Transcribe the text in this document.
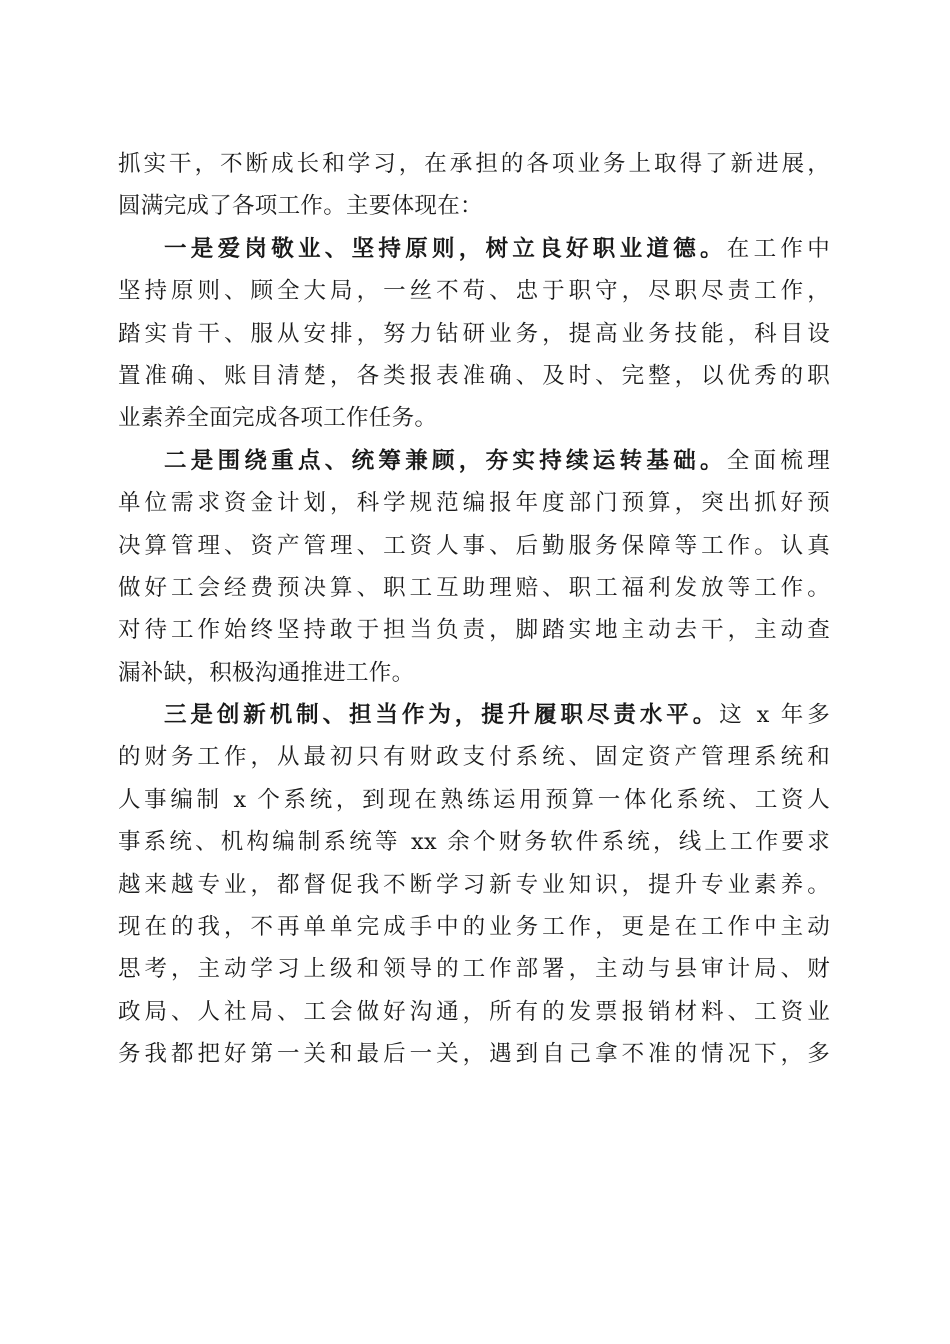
抓实干，不断成长和学习，在承担的各项业务上取得了新进展，
圆满完成了各项工作。主要体现在：
一是爱岗敬业、坚持原则，树立良好职业道德。在工作中
坚持原则、顾全大局，一丝不苟、忠于职守，尽职尽责工作，
踏实肯干、服从安排，努力钻研业务，提高业务技能，科目设
置准确、账目清楚，各类报表准确、及时、完整，以优秀的职
业素养全面完成各项工作任务。
二是围绕重点、统筹兼顾，夯实持续运转基础。全面梳理
单位需求资金计划，科学规范编报年度部门预算，突出抓好预
决算管理、资产管理、工资人事、后勤服务保障等工作。认真
做好工会经费预决算、职工互助理赔、职工福利发放等工作。
对待工作始终坚持敢于担当负责，脚踏实地主动去干，主动查
漏补缺，积极沟通推进工作。
三是创新机制、担当作为，提升履职尽责水平。这 x 年多
的财务工作，从最初只有财政支付系统、固定资产管理系统和
人事编制 x 个系统，到现在熟练运用预算一体化系统、工资人
事系统、机构编制系统等 xx 余个财务软件系统，线上工作要求
越来越专业，都督促我不断学习新专业知识，提升专业素养。
现在的我，不再单单完成手中的业务工作，更是在工作中主动
思考，主动学习上级和领导的工作部署，主动与县审计局、财
政局、人社局、工会做好沟通，所有的发票报销材料、工资业
务我都把好第一关和最后一关，遇到自己拿不准的情况下，多
